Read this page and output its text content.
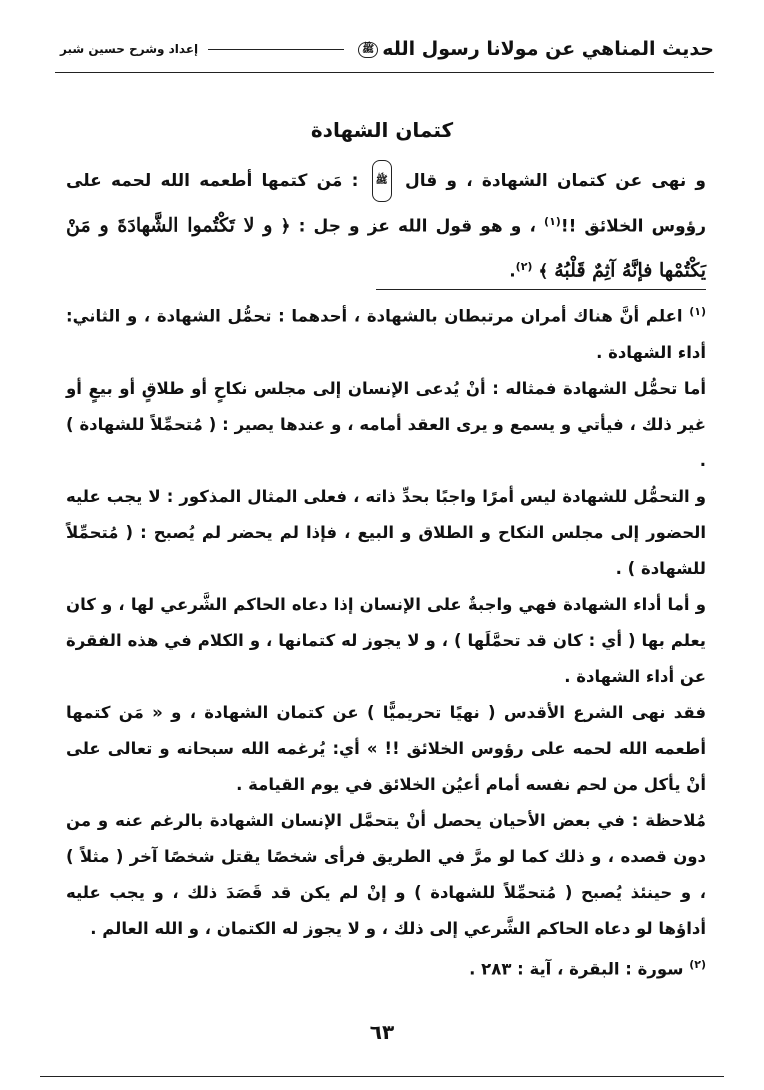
حديث المناهي عن مولانا رسول اللهﷺ
إعداد وشرح حسين شبر
كتمان الشهادة
و نهى عن كتمان الشهادة ، و قال ﷺ : مَن كتمها أطعمه الله لحمه على رؤوس الخلائق !!$^{(١)}$ ، و هو قول الله عز و جل : ﴿ و لا تَكْتُموا الشَّهادَةَ و مَنْ يَكْتُمْها فإنَّهُ آثِمٌ قَلْبُهُ ﴾ $^{(٢)}$.

$^{(١)}$ اعلم أنَّ هناك أمران مرتبطان بالشهادة ، أحدهما : تحمُّل الشهادة ، و الثاني: أداء الشهادة .

أما تحمُّل الشهادة فمثاله : أنْ يُدعى الإنسان إلى مجلس نكاحٍ أو طلاقٍ أو بيعٍ أو غير ذلك ، فيأتي و يسمع و يرى العقد أمامه ، و عندها يصير : ( مُتحمِّلاً للشهادة ) .

و التحمُّل للشهادة ليس أمرًا واجبًا بحدِّ ذاته ، فعلى المثال المذكور : لا يجب عليه الحضور إلى مجلس النكاح و الطلاق و البيع ، فإذا لم يحضر لم يُصبح : ( مُتحمِّلاً للشهادة ) .

و أما أداء الشهادة فهي واجبةٌ على الإنسان إذا دعاه الحاكم الشَّرعي لها ، و كان يعلم بها ( أي : كان قد تحمَّلَها ) ، و لا يجوز له كتمانها ، و الكلام في هذه الفقرة عن أداء الشهادة .

فقد نهى الشرع الأقدس ( نهيًا تحريميًّا ) عن كتمان الشهادة ، و « مَن كتمها أطعمه الله لحمه على رؤوس الخلائق !! » أي: يُرغمه الله سبحانه و تعالى على أنْ يأكل من لحم نفسه أمام أعيُن الخلائق في يوم القيامة .

مُلاحظة : في بعض الأحيان يحصل أنْ يتحمَّل الإنسان الشهادة بالرغم عنه و من دون قصده ، و ذلك كما لو مرَّ في الطريق فرأى شخصًا يقتل شخصًا آخر ( مثلاً ) ، و حينئذ يُصبح ( مُتحمِّلاً للشهادة ) و إنْ لم يكن قد قَصَدَ ذلك ، و يجب عليه أداؤها لو دعاه الحاكم الشَّرعي إلى ذلك ، و لا يجوز له الكتمان ، و الله العالم .

$^{(٢)}$ سورة : البقرة ، آية : ٢٨٣ .

٦٣
